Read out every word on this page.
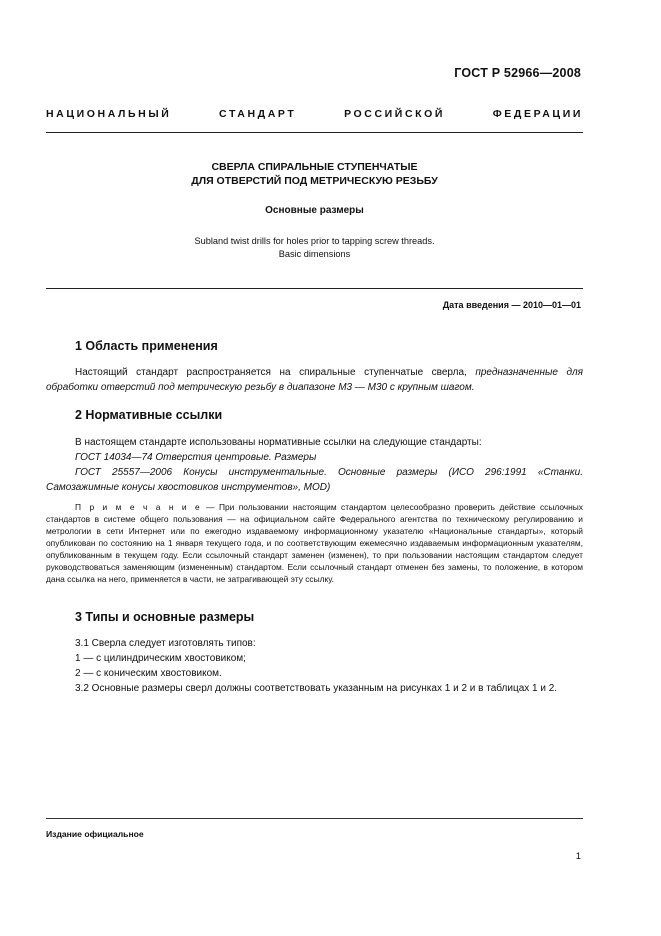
ГОСТ Р 52966—2008
НАЦИОНАЛЬНЫЙ СТАНДАРТ РОССИЙСКОЙ ФЕДЕРАЦИИ
СВЕРЛА СПИРАЛЬНЫЕ СТУПЕНЧАТЫЕ
ДЛЯ ОТВЕРСТИЙ ПОД МЕТРИЧЕСКУЮ РЕЗЬБУ
Основные размеры
Subland twist drills for holes prior to tapping screw threads.
Basic dimensions
Дата введения — 2010—01—01
1 Область применения

Настоящий стандарт распространяется на спиральные ступенчатые сверла, предназначенные для обработки отверстий под метрическую резьбу в диапазоне М3 — М30 с крупным шагом.

2 Нормативные ссылки

В настоящем стандарте использованы нормативные ссылки на следующие стандарты:

ГОСТ 14034—74 Отверстия центровые. Размеры

ГОСТ 25557—2006 Конусы инструментальные. Основные размеры (ИСО 296:1991 «Станки. Самозажимные конусы хвостовиков инструментов», MOD)

П р и м е ч а н и е — При пользовании настоящим стандартом целесообразно проверить действие ссылочных стандартов в системе общего пользования — на официальном сайте Федерального агентства по техническому регулированию и метрологии в сети Интернет или по ежегодно издаваемому информационному указателю «Национальные стандарты», который опубликован по состоянию на 1 января текущего года, и по соответствующим ежемесячно издаваемым информационным указателям, опубликованным в текущем году. Если ссылочный стандарт заменен (изменен), то при пользовании настоящим стандартом следует руководствоваться заменяющим (измененным) стандартом. Если ссылочный стандарт отменен без замены, то положение, в котором дана ссылка на него, применяется в части, не затрагивающей эту ссылку.

3 Типы и основные размеры

3.1 Сверла следует изготовлять типов:

1 — с цилиндрическим хвостовиком;

2 — с коническим хвостовиком.

3.2 Основные размеры сверл должны соответствовать указанным на рисунках 1 и 2 и в таблицах 1 и 2.

Издание официальное
1
